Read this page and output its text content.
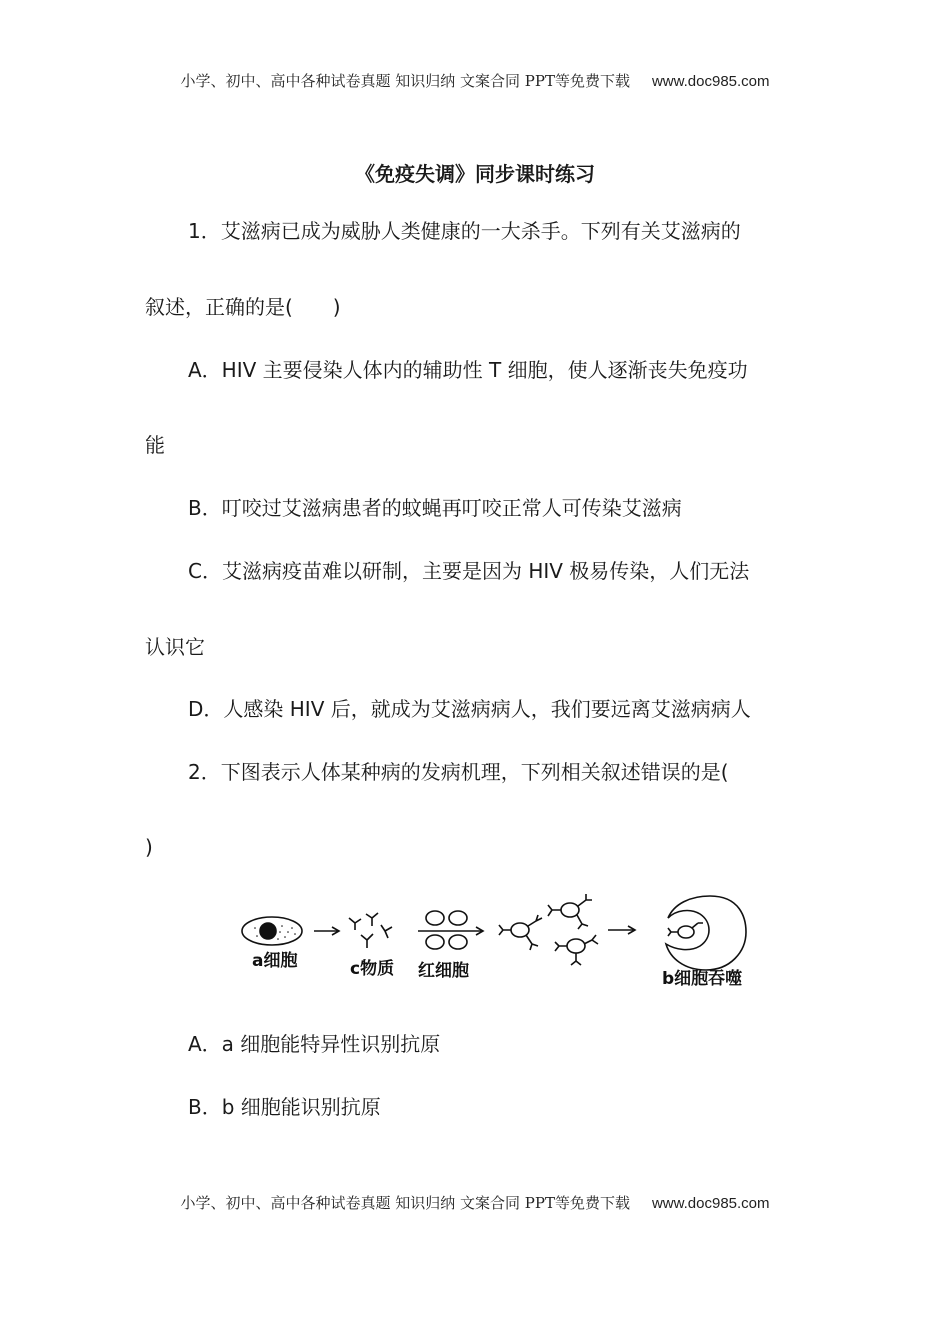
小学、初中、高中各种试卷真题 知识归纳 文案合同 PPT等免费下载 www.doc985.com
《免疫失调》同步课时练习
1．艾滋病已成为威胁人类健康的一大杀手。下列有关艾滋病的
叙述，正确的是(　　)
A．HIV 主要侵染人体内的辅助性 T 细胞，使人逐渐丧失免疫功
能
B．叮咬过艾滋病患者的蚊蝇再叮咬正常人可传染艾滋病
C．艾滋病疫苗难以研制，主要是因为 HIV 极易传染，人们无法
认识它
D．人感染 HIV 后，就成为艾滋病病人，我们要远离艾滋病病人
2．下图表示人体某种病的发病机理，下列相关叙述错误的是(
)
a细胞	c物质 红细胞	b细胞吞噬
A．a 细胞能特异性识别抗原
B．b 细胞能识别抗原
小学、初中、高中各种试卷真题 知识归纳 文案合同 PPT等免费下载 www.doc985.com
